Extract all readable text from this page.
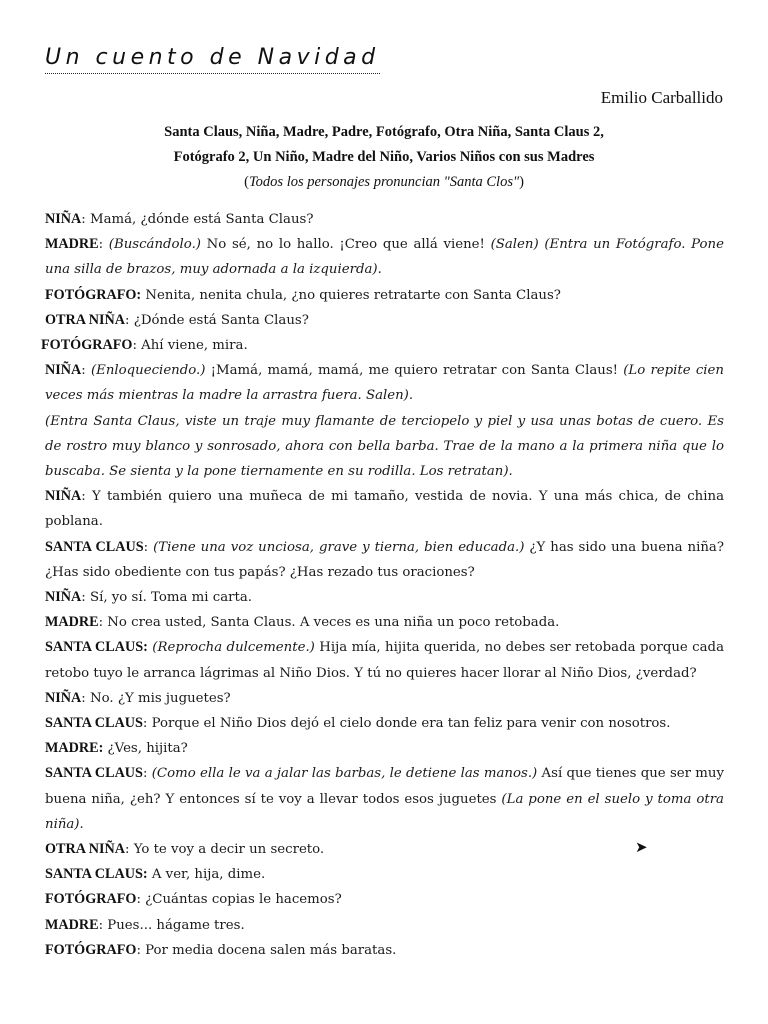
Un cuento de Navidad
Emilio Carballido
Santa Claus, Niña, Madre, Padre, Fotógrafo, Otra Niña, Santa Claus 2,
Fotógrafo 2, Un Niño, Madre del Niño, Varios Niños con sus Madres
(Todos los personajes pronuncian "Santa Clos")

NIÑA: Mamá, ¿dónde está Santa Claus?

MADRE: (Buscándolo.) No sé, no lo hallo. ¡Creo que allá viene! (Salen) (Entra un Fotógrafo. Pone una silla de brazos, muy adornada a la izquierda).

FOTÓGRAFO: Nenita, nenita chula, ¿no quieres retratarte con Santa Claus?

OTRA NIÑA: ¿Dónde está Santa Claus?

FOTÓGRAFO: Ahí viene, mira.

NIÑA: (Enloqueciendo.) ¡Mamá, mamá, mamá, me quiero retratar con Santa Claus! (Lo repite cien veces más mientras la madre la arrastra fuera. Salen).

(Entra Santa Claus, viste un traje muy flamante de terciopelo y piel y usa unas botas de cuero. Es de rostro muy blanco y sonrosado, ahora con bella barba. Trae de la mano a la primera niña que lo buscaba. Se sienta y la pone tiernamente en su rodilla. Los retratan).

NIÑA: Y también quiero una muñeca de mi tamaño, vestida de novia. Y una más chica, de china poblana.

SANTA CLAUS: (Tiene una voz unciosa, grave y tierna, bien educada.) ¿Y has sido una buena niña? ¿Has sido obediente con tus papás? ¿Has rezado tus oraciones?

NIÑA: Sí, yo sí. Toma mi carta.

MADRE: No crea usted, Santa Claus. A veces es una niña un poco retobada.

SANTA CLAUS: (Reprocha dulcemente.) Hija mía, hijita querida, no debes ser retobada porque cada retobo tuyo le arranca lágrimas al Niño Dios. Y tú no quieres hacer llorar al Niño Dios, ¿verdad?

NIÑA: No. ¿Y mis juguetes?

SANTA CLAUS: Porque el Niño Dios dejó el cielo donde era tan feliz para venir con nosotros.

MADRE: ¿Ves, hijita?

SANTA CLAUS: (Como ella le va a jalar las barbas, le detiene las manos.) Así que tienes que ser muy buena niña, ¿eh? Y entonces sí te voy a llevar todos esos juguetes (La pone en el suelo y toma otra niña).

OTRA NIÑA: Yo te voy a decir un secreto.

SANTA CLAUS: A ver, hija, dime.

FOTÓGRAFO: ¿Cuántas copias le hacemos?

MADRE: Pues... hágame tres.

FOTÓGRAFO: Por media docena salen más baratas.

➤
